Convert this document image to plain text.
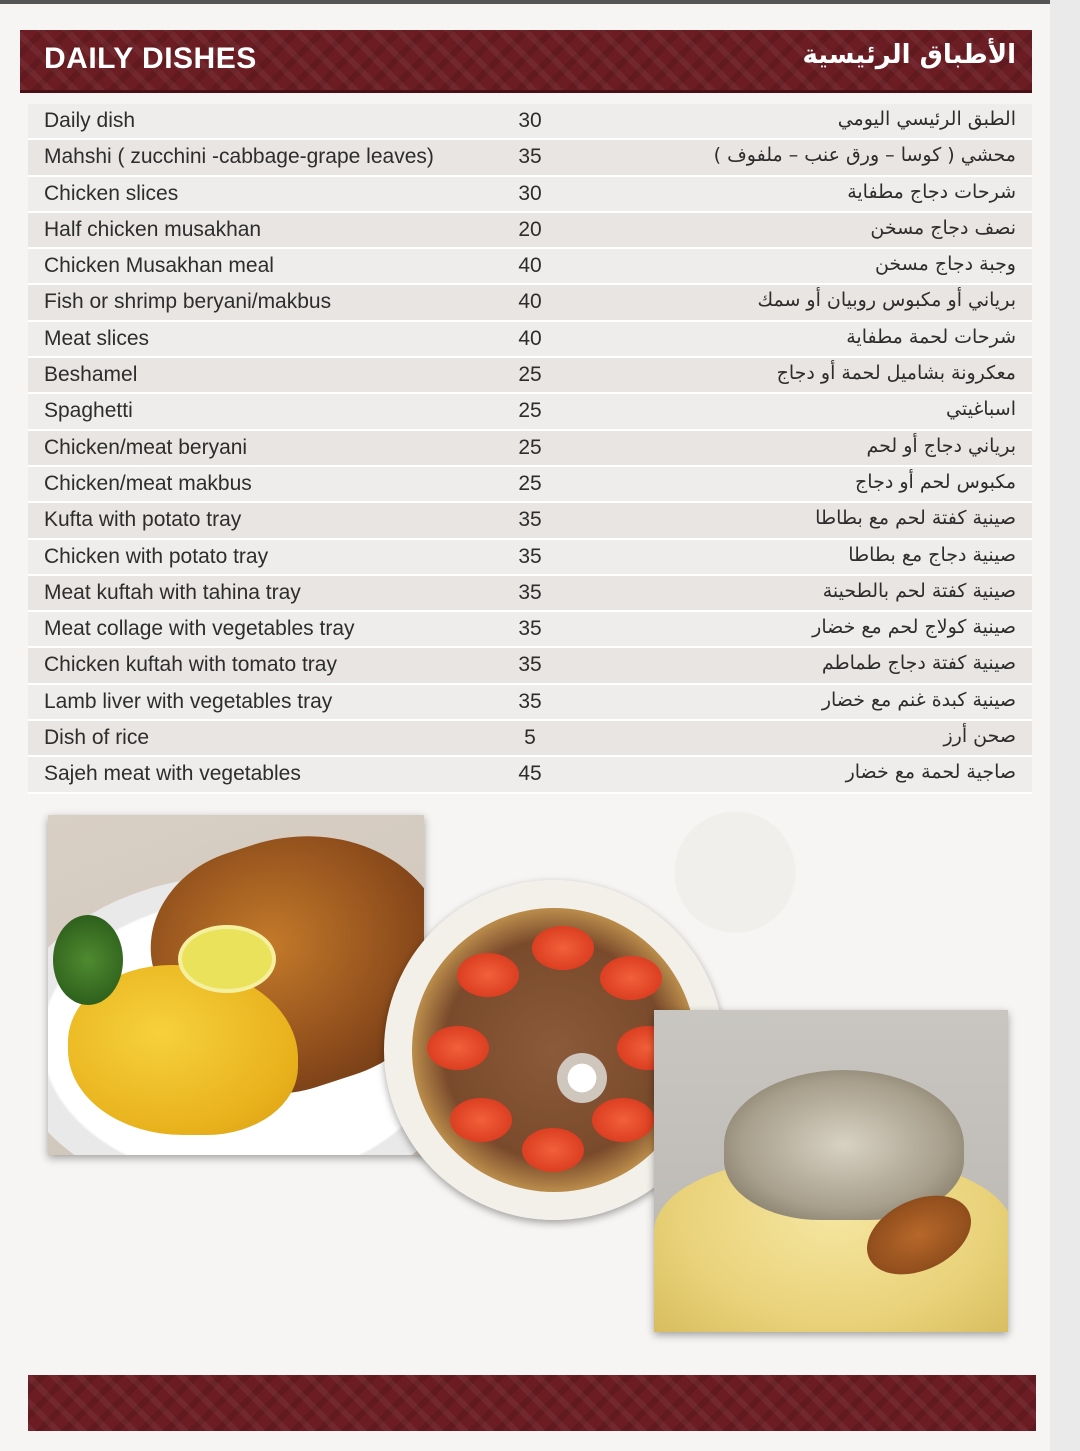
DAILY DISHES	الأطباق الرئيسية
Daily dish	30	الطبق الرئيسي اليومي
Mahshi ( zucchini -cabbage-grape leaves)	35	محشي ( كوسا – ورق عنب – ملفوف )
Chicken slices	30	شرحات دجاج مطفاية
Half chicken musakhan	20	نصف دجاج مسخن
Chicken Musakhan meal	40	وجبة دجاج مسخن
Fish or shrimp beryani/makbus	40	برياني أو مكبوس روبيان أو سمك
Meat slices	40	شرحات لحمة مطفاية
Beshamel	25	معكرونة بشاميل لحمة أو دجاج
Spaghetti	25	اسباغيتي
Chicken/meat beryani	25	برياني دجاج أو لحم
Chicken/meat makbus	25	مكبوس لحم أو دجاج
Kufta with potato tray	35	صينية كفتة لحم مع بطاطا
Chicken with potato tray	35	صينية دجاج مع بطاطا
Meat kuftah with tahina tray	35	صينية كفتة لحم بالطحينة
Meat collage with vegetables tray	35	صينية كولاج لحم مع خضار
Chicken kuftah with tomato tray	35	صينية كفتة دجاج طماطم
Lamb liver with vegetables tray	35	صينية كبدة غنم مع خضار
Dish of rice	5	صحن أرز
Sajeh meat with vegetables	45	صاجية لحمة مع خضار
